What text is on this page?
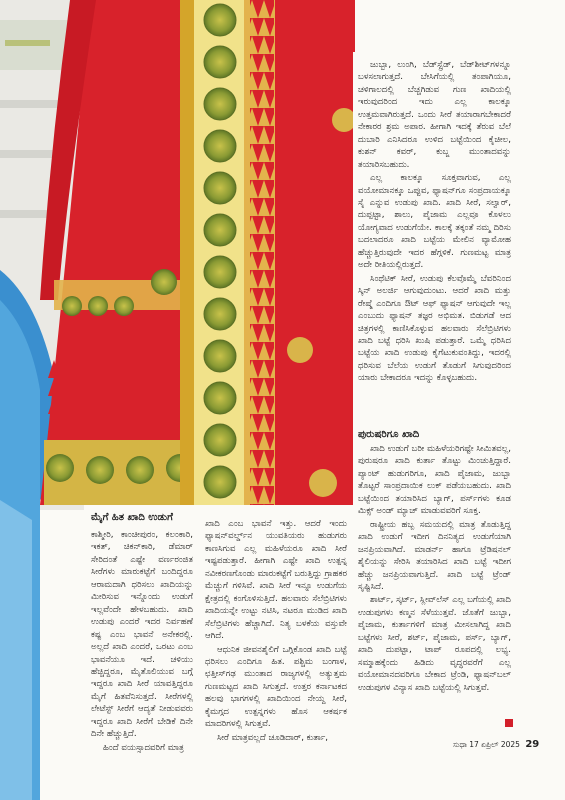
ಜುಬ್ಬಾ, ಲುಂಗಿ, ಬೆಡ್‌ಸ್ಪ್ರೆಡ್, ಬೆಡ್‌ಶೀಟ್‌ಗಳನ್ನೂ ಬಳಸಲಾಗುತ್ತದೆ. ಬೇಸಿಗೆಯಲ್ಲಿ ತಂಪಾಗಿಯೂ, ಚಳಿಗಾಲದಲ್ಲಿ ಬೆಚ್ಚಗಿಡುವ ಗುಣ ಖಾದಿಯಲ್ಲಿ ಇರುವುದರಿಂದ ಇದು ಎಲ್ಲ ಕಾಲಕ್ಕೂ ಉತ್ತಮವಾಗಿರುತ್ತದೆ. ಒಂದು ಸೀರೆ ತಯಾರಾಗಬೇಕಾದರೆ ನೇಕಾರರ ಶ್ರಮ ಅಪಾರ. ಹೀಗಾಗಿ ಇದಕ್ಕೆ ತೆರುವ ಬೆಲೆ ದುಬಾರಿ ಎನಿಸಿದರೂ ಉಳಿದ ಬಟ್ಟೆಯಿಂದ ಕೈಚೀಲ, ಕುಶನ್ ಕವರ್, ಕುಬ್ಜ ಮುಂತಾದವನ್ನು ತಯಾರಿಸಬಹುದು.

ಎಲ್ಲ ಕಾಲಕ್ಕೂ ಸೂಕ್ತವಾಗುವ, ಎಲ್ಲ ವಯೋಮಾನಕ್ಕೂ ಒಪ್ಪುವ, ಫ್ಯಾಷನ್‌ಗೂ ಸಂಪ್ರದಾಯಕ್ಕೂ ಸೈ ಎನ್ನುವ ಉಡುಪು ಖಾದಿ. ಖಾದಿ ಸೀರೆ, ಸಲ್ವಾರ್, ದುಪ್ಪಟ್ಟಾ, ಶಾಲು, ಪೈಜಾಮ ಎಲ್ಲವೂ ಕೊಳಲು ಯೋಗ್ಯವಾದ ಉಡುಗೆಯೇ. ಕಾಲಕ್ಕೆ ತಕ್ಕಂತೆ ನಮ್ಮ ದಿರಿಸು ಬದಲಾದರೂ ಖಾದಿ ಬಟ್ಟೆಯ ಮೇಲಿನ ವ್ಯಾಮೋಹ ಹೆಚ್ಚುತ್ತಿರುವುದೇ ಇದರ ಹೆಗ್ಗಳಿಕೆ. ಗುಣಮಟ್ಟ ಮಾತ್ರ ಅದೇ ರೀತಿಯಲ್ಲಿರುತ್ತದೆ.

ಸಿಂಥೆಟಿಕ್ ಸೀರೆ, ಉಡುಪು ಕೆಲವೊಮ್ಮೆ ಬೆವರಿನಿಂದ ಸ್ಕಿನ್ ಅಲರ್ಜಿ ಆಗುವುದುಂಟು. ಆದರೆ ಖಾದಿ ಮತ್ತು ರೇಷ್ಮೆ ಎಂದಿಗೂ ಔಟ್ ಆಫ್ ಫ್ಯಾಷನ್ ಆಗುವುದೇ ಇಲ್ಲ ಎಂಬುದು ಫ್ಯಾಷನ್ ತಜ್ಞರ ಅಭಿಮತ. ಬಿಡುಗಡೆ ಆದ ಚಿತ್ರಗಳಲ್ಲಿ ಕಾಣಿಸಿಕೊಳ್ಳುವ ಹಲವಾರು ಸೆಲೆಬ್ರಿಟಿಗಳು ಖಾದಿ ಬಟ್ಟೆ ಧರಿಸಿ ಖುಷಿ ಪಡುತ್ತಾರೆ. ಒಮ್ಮೆ ಧರಿಸಿದ ಬಟ್ಟೆಯ ಖಾದಿ ಉಡುಪು ಕೈಗೆಟುಕುವಂತಿದ್ದು, ಇದರಲ್ಲಿ ಧರಿಸುವ ಬೆಲೆಯ ಉಡುಗೆ ತೊಡುಗೆ ಸಿಗುವುದರಿಂದ ಯಾರು ಬೇಕಾದರೂ ಇದನ್ನು ಕೊಳ್ಳಬಹುದು.

ಮೈಗೆ ಹಿತ ಖಾದಿ ಉಡುಗೆ

ಕಾಶ್ಮೀರಿ, ಕಾಂಚೀಪುರಂ, ಕಲಂಕಾರಿ, ಇಕತ್, ಚಿಕನ್‌ಕಾರಿ, ಡೆಮಾರ್ ಸೇರಿದಂತೆ ಎಷ್ಟೇ ವರ್ಣರಂಜಿತ ಸೀರೆಗಳು ಮಾರುಕಟ್ಟೆಗೆ ಬಂದಿದ್ದರೂ ಆರಾಮದಾಗಿ ಧರಿಸಲು ಖಾದಿಯನ್ನು ಮೀರಿಸುವ ಇನ್ನೊಂದು ಉಡುಗೆ ಇಲ್ಲವೆಂದೇ ಹೇಳಬಹುದು. ಖಾದಿ ಉಡುಪು ಎಂದರೆ ಇದರ ನಿರ್ವಹಣೆ ಕಷ್ಟ ಎಂಬ ಭಾವನೆ ಅನೇಕರಲ್ಲಿ. ಅಲ್ಲದೆ ಖಾದಿ ಎಂದರೆ, ಒರಟು ಎಂಬ ಭಾವನೆಯೂ ಇದೆ. ಚಳಿಯು ಹೆಚ್ಚಿದ್ದರೂ, ಮೈತೊಲಿಯುವ ಬಗ್ಗೆ ಇದ್ದರೂ ಖಾದಿ ಸೀರೆ ಯಾವತ್ತಿದ್ದರೂ ಮೈಗೆ ಹಿತವೆನಿಸುತ್ತದೆ. ಸೀರೆಗಳಲ್ಲಿ ಲೇಟೆಸ್ಟ್ ಸೀರೆಗೆ ಆದ್ಯತೆ ನೀಡುವವರು ಇದ್ದರೂ ಖಾದಿ ಸೀರೆಗೆ ಬೇಡಿಕೆ ದಿನೇ ದಿನೇ ಹೆಚ್ಚುತ್ತಿದೆ.

ಹಿಂದೆ ವಯಸ್ಸಾದವರಿಗೆ ಮಾತ್ರ

ಖಾದಿ ಎಂಬ ಭಾವನೆ ಇತ್ತು. ಆದರೆ ಇಂದು ಫ್ಯಾಷನ್‌ವರ್ಲ್ಡ್‌ನ ಯುವತಿಯರು ಹುಡುಗರು ಕಾಣಸಿಗುವ ಎಲ್ಲ ಮಹಿಳೆಯರೂ ಖಾದಿ ಸೀರೆ ಇಷ್ಟಪಡುತ್ತಾರೆ. ಹೀಗಾಗಿ ಎಷ್ಟೇ ಖಾದಿ ಉತ್ಪನ್ನ ನವೀಕರಣಗೊಂಡು ಮಾರುಕಟ್ಟೆಗೆ ಬರುತ್ತಿದ್ದು ಗ್ರಾಹಕರ ಮೆಚ್ಚುಗೆ ಗಳಿಸಿವೆ. ಖಾದಿ ಸೀರೆ ಇನ್ನೂ ಉಡುಗೆಯ ಕ್ಷೇತ್ರದಲ್ಲಿ ಕಂಗೊಳಿಸುತ್ತಿದೆ. ಹಲವಾರು ಸೆಲೆಬ್ರಿಟಿಗಳು ಖಾದಿಯನ್ನೇ ಉಟ್ಟು ನಟಿಸಿ, ನಟರೂ ಮುಡಿದ ಖಾದಿ ಸೆಲೆಬ್ರಿಟಿಗಳು ಹೆಚ್ಚಾಗಿದೆ. ನಿತ್ಯ ಬಳಕೆಯ ವಸ್ತುವೇ ಆಗಿದೆ.

ಆಧುನಿಕ ಜೀವನಶೈಲಿಗೆ ಒಗ್ಗಿಕೊಂಡ ಖಾದಿ ಬಟ್ಟೆ ಧರಿಸಲು ಎಂದಿಗೂ ಹಿತ. ಪಶ್ಚಿಮ ಬಂಗಾಳ, ಛತ್ತೀಸ್‌ಗಢ ಮುಂತಾದ ರಾಜ್ಯಗಳಲ್ಲಿ ಅತ್ಯುತ್ತಮ ಗುಣಮಟ್ಟದ ಖಾದಿ ಸಿಗುತ್ತದೆ. ಉತ್ತರ ಕರ್ನಾಟಕದ ಹಲವು ಭಾಗಗಳಲ್ಲಿ ಖಾದಿಯಿಂದ ನೇಯ್ದ ಸೀರೆ, ಕೈಮಗ್ಗದ ಉತ್ಪನ್ನಗಳು ಹೊಸ ಆಕರ್ಷಕ ಮಾದರಿಗಳಲ್ಲಿ ಸಿಗುತ್ತವೆ.

ಸೀರೆ ಮಾತ್ರವಲ್ಲದೆ ಚೂಡಿದಾರ್, ಕುರ್ತಾ,

ಪುರುಷರಿಗೂ ಖಾದಿ

ಖಾದಿ ಉಡುಗೆ ಬರೀ ಮಹಿಳೆಯರಿಗಷ್ಟೇ ಸೀಮಿತವಲ್ಲ, ಪುರುಷರೂ ಖಾದಿ ಕುರ್ತಾ ತೊಟ್ಟು ಮಿಂಚುತ್ತಿದ್ದಾರೆ. ಪ್ಯಾಂಟ್ ಹುಡುಗರಿಗೂ, ಖಾದಿ ಪೈಜಾಮ, ಜುಬ್ಬಾ ತೊಟ್ಟರೆ ಸಾಂಪ್ರದಾಯಿಕ ಲುಕ್ ಪಡೆಯಬಹುದು. ಖಾದಿ ಬಟ್ಟೆಯಿಂದ ತಯಾರಿಸಿದ ಬ್ಯಾಗ್, ಪರ್ಸ್‌ಗಳು ಕೂಡ ಮಿಕ್ಸ್ ಅಂಡ್ ಮ್ಯಾಚ್ ಮಾಡುವವರಿಗೆ ಸೂಕ್ತ.

ರಾಷ್ಟ್ರೀಯ ಹಬ್ಬ ಸಮಯದಲ್ಲಿ ಮಾತ್ರ ತೊಡುತ್ತಿದ್ದ ಖಾದಿ ಉಡುಗೆ ಇದೀಗ ದಿನನಿತ್ಯದ ಉಡುಗೆಯಾಗಿ ಜನಪ್ರಿಯವಾಗಿದೆ. ಮಾಡರ್ನ್ ಹಾಗೂ ಟ್ರೆಡಿಷನಲ್ ಶೈಲಿಯನ್ನು ಸೇರಿಸಿ ತಯಾರಿಸಿದ ಖಾದಿ ಬಟ್ಟೆ ಇದೀಗ ಹೆಚ್ಚು ಜನಪ್ರಿಯವಾಗುತ್ತಿದೆ. ಖಾದಿ ಬಟ್ಟೆ ಟ್ರೆಂಡ್ ಸೃಷ್ಟಿಸಿದೆ.

ಶಾರ್ಟ್, ಸ್ಕರ್ಟ್, ಸ್ಲೀವ್‌ಲೆಸ್ ಎಲ್ಲ ಬಗೆಯಲ್ಲಿ ಖಾದಿ ಉಡುಪುಗಳು ಕಣ್ಮನ ಸೆಳೆಯುತ್ತವೆ. ಜೊತೆಗೆ ಜುಬ್ಬಾ, ಪೈಜಾಮ, ಕುರ್ತಾಗಳಿಗೆ ಮಾತ್ರ ಮೀಸಲಾಗಿದ್ದ ಖಾದಿ ಬಟ್ಟೆಗಳು ಸೀರೆ, ಶರ್ಟ್, ಪೈಜಾಮ, ಪರ್ಸ್, ಬ್ಯಾಗ್, ಖಾದಿ ದುಪಟ್ಟಾ, ಟಾಪ್ ರೂಪದಲ್ಲಿ ಲಭ್ಯ. ಸಮ್ಮಾಹಕ್ಕೆಂದು ಹಿಡಿದು ವೃದ್ಧರವರೆಗೆ ಎಲ್ಲ ವಯೋಮಾನದವರಿಗೂ ಬೇಕಾದ ಟ್ರೆಂಡಿ, ಫ್ಯಾಷನ್‌ಬಲ್ ಉಡುಪುಗಳ ವಿನ್ಯಾಸ ಖಾದಿ ಬಟ್ಟೆಯಲ್ಲಿ ಸಿಗುತ್ತವೆ.

ಸುಧಾ 17 ಏಪ್ರಿಲ್ 2025 29
